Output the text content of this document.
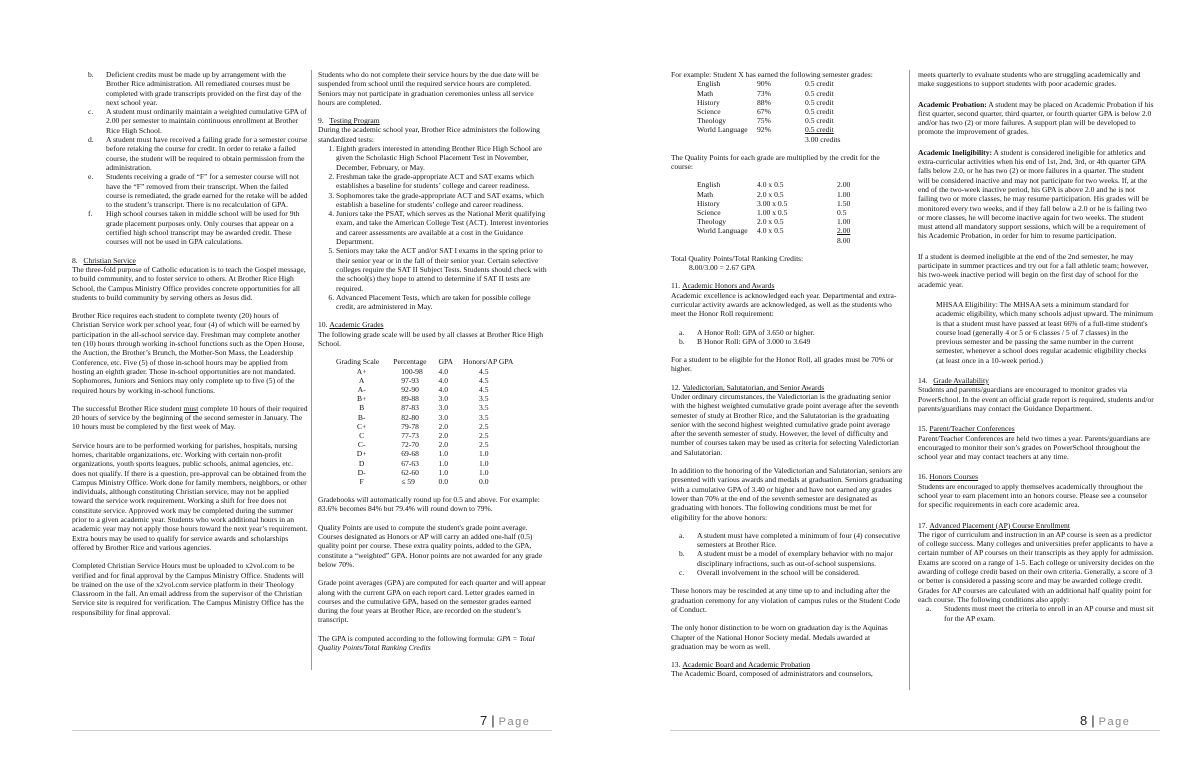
b.	Deficient credits must be made up by arrangement with the Brother Rice administration. All remediated courses must be completed with grade transcripts provided on the first day of the next school year.
c.	A student must ordinarily maintain a weighted cumulative GPA of 2.00 per semester to maintain continuous enrollment at Brother Rice High School.
d.	A student must have received a failing grade for a semester course before retaking the course for credit. In order to retake a failed course, the student will be required to obtain permission from the administration.
e.	Students receiving a grade of “F” for a semester course will not have the “F” removed from their transcript. When the failed course is remediated, the grade earned for the retake will be added to the student’s transcript. There is no recalculation of GPA.
f.	High school courses taken in middle school will be used for 9th grade placement purposes only. Only courses that appear on a certified high school transcript may be awarded credit. These courses will not be used in GPA calculations.

8. Christian Service

The three-fold purpose of Catholic education is to teach the Gospel message, to build community, and to foster service to others. At Brother Rice High School, the Campus Ministry Office provides concrete opportunities for all students to build community by serving others as Jesus did.

Brother Rice requires each student to complete twenty (20) hours of Christian Service work per school year, four (4) of which will be earned by participation in the all-school service day. Freshman may complete another ten (10) hours through working in-school functions such as the Open House, the Auction, the Brother’s Brunch, the Mother-Son Mass, the Leadership Conference, etc. Five (5) of those in-school hours may be applied from hosting an eighth grader. Those in-school opportunities are not mandated. Sophomores, Juniors and Seniors may only complete up to five (5) of the required hours by working in-school functions.

The successful Brother Rice student must complete 10 hours of their required 20 hours of service by the beginning of the second semester in January. The 10 hours must be completed by the first week of May.

Service hours are to be performed working for parishes, hospitals, nursing homes, charitable organizations, etc. Working with certain non-profit organizations, youth sports leagues, public schools, animal agencies, etc. does not qualify. If there is a question, pre-approval can be obtained from the Campus Ministry Office. Work done for family members, neighbors, or other individuals, although constituting Christian service, may not be applied toward the service work requirement. Working a shift for free does not constitute service. Approved work may be completed during the summer prior to a given academic year. Students who work additional hours in an academic year may not apply those hours toward the next year’s requirement. Extra hours may be used to qualify for service awards and scholarships offered by Brother Rice and various agencies.

Completed Christian Service Hours must be uploaded to x2vol.com to be verified and for final approval by the Campus Ministry Office. Students will be trained on the use of the x2vol.com service platform in their Theology Classroom in the fall. An email address from the supervisor of the Christian Service site is required for verification. The Campus Ministry Office has the responsibility for final approval.

Students who do not complete their service hours by the due date will be suspended from school until the required service hours are completed. Seniors may not participate in graduation ceremonies unless all service hours are completed.

9. Testing Program

During the academic school year, Brother Rice administers the following standardized tests:

1. Eighth graders interested in attending Brother Rice High School are given the Scholastic High School Placement Test in November, December, February, or May.
2. Freshman take the grade-appropriate ACT and SAT exams which establishes a baseline for students’ college and career readiness.
3. Sophomores take the grade-appropriate ACT and SAT exams, which establish a baseline for students’ college and career readiness.
4. Juniors take the PSAT, which serves as the National Merit qualifying exam, and take the American College Test (ACT). Interest inventories and career assessments are available at a cost in the Guidance Department.
5. Seniors may take the ACT and/or SAT I exams in the spring prior to their senior year or in the fall of their senior year. Certain selective colleges require the SAT II Subject Tests. Students should check with the school(s) they hope to attend to determine if SAT II tests are required.
6. Advanced Placement Tests, which are taken for possible college credit, are administered in May.

10. Academic Grades

The following grade scale will be used by all classes at Brother Rice High School.

Grading Scale	Percentage	GPA	Honors/AP GPA
A+	100-98	4.0	4.5
A	97-93	4.0	4.5
A-	92-90	4.0	4.5
B+	89-88	3.0	3.5
B	87-83	3.0	3.5
B-	82-80	3.0	3.5
C+	79-78	2.0	2.5
C	77-73	2.0	2.5
C-	72-70	2.0	2.5
D+	69-68	1.0	1.0
D	67-63	1.0	1.0
D-	62-60	1.0	1.0
F	≤ 59	0.0	0.0

Gradebooks will automatically round up for 0.5 and above. For example: 83.6% becomes 84% but 79.4% will round down to 79%.

Quality Points are used to compute the student's grade point average. Courses designated as Honors or AP will carry an added one-half (0.5) quality point per course. These extra quality points, added to the GPA, constitute a “weighted” GPA. Honor points are not awarded for any grade below 70%.

Grade point averages (GPA) are computed for each quarter and will appear along with the current GPA on each report card. Letter grades earned in courses and the cumulative GPA, based on the semester grades earned during the four years at Brother Rice, are recorded on the student’s transcript.

The GPA is computed according to the following formula: GPA = Total Quality Points/Total Ranking Credits

7 | Page

For example: Student X has earned the following semester grades:

English	90%	0.5 credit
Math	73%	0.5 credit
History	88%	0.5 credit
Science	67%	0.5 credit
Theology	75%	0.5 credit
World Language	92%	0.5 credit
		3.00 credits

The Quality Points for each grade are multiplied by the credit for the course:

English	4.0 x 0.5	2.00
Math	2.0 x 0.5	1.00
History	3.00 x 0.5	1.50
Science	1.00 x 0.5	0.5
Theology	2.0 x 0.5	1.00
World Language	4.0 x 0.5	2.00
		8.00

Total Quality Points/Total Ranking Credits:
8.00/3.00 = 2.67 GPA

11. Academic Honors and Awards

Academic excellence is acknowledged each year. Departmental and extra-curricular activity awards are acknowledged, as well as the students who meet the Honor Roll requirement:

a.	A Honor Roll: GPA of 3.650 or higher.
b.	B Honor Roll: GPA of 3.000 to 3.649

For a student to be eligible for the Honor Roll, all grades must be 70% or higher.

12. Valedictorian, Salutatorian, and Senior Awards

Under ordinary circumstances, the Valedictorian is the graduating senior with the highest weighted cumulative grade point average after the seventh semester of study at Brother Rice, and the Salutatorian is the graduating senior with the second highest weighted cumulative grade point average after the seventh semester of study. However, the level of difficulty and number of courses taken may be used as criteria for selecting Valedictorian and Salutatorian.

In addition to the honoring of the Valedictorian and Salutatorian, seniors are presented with various awards and medals at graduation. Seniors graduating with a cumulative GPA of 3.40 or higher and have not earned any grades lower than 70% at the end of the seventh semester are designated as graduating with honors. The following conditions must be met for eligibility for the above honors:

a.	A student must have completed a minimum of four (4) consecutive semesters at Brother Rice.
b.	A student must be a model of exemplary behavior with no major disciplinary infractions, such as out-of-school suspensions.
c.	Overall involvement in the school will be considered.

These honors may be rescinded at any time up to and including after the graduation ceremony for any violation of campus rules or the Student Code of Conduct.

The only honor distinction to be worn on graduation day is the Aquinas Chapter of the National Honor Society medal. Medals awarded at graduation may be worn as well.

13. Academic Board and Academic Probation

The Academic Board, composed of administrators and counselors,

meets quarterly to evaluate students who are struggling academically and make suggestions to support students with poor academic grades.

Academic Probation: A student may be placed on Academic Probation if his first quarter, second quarter, third quarter, or fourth quarter GPA is below 2.0 and/or has two (2) or more failures. A support plan will be developed to promote the improvement of grades.

Academic Ineligibility: A student is considered ineligible for athletics and extra-curricular activities when his end of 1st, 2nd, 3rd, or 4th quarter GPA falls below 2.0, or he has two (2) or more failures in a quarter. The student will be considered inactive and may not participate for two weeks. If, at the end of the two-week inactive period, his GPA is above 2.0 and he is not failing two or more classes, he may resume participation. His grades will be monitored every two weeks, and if they fall below a 2.0 or he is failing two or more classes, he will become inactive again for two weeks. The student must attend all mandatory support sessions, which will be a requirement of his Academic Probation, in order for him to resume participation.

If a student is deemed ineligible at the end of the 2nd semester, he may participate in summer practices and try out for a fall athletic team; however, his two-week inactive period will begin on the first day of school for the academic year.

MHSAA Eligibility: The MHSAA sets a minimum standard for academic eligibility, which many schools adjust upward. The minimum is that a student must have passed at least 66% of a full-time student's course load (generally 4 or 5 or 6 classes / 5 of 7 classes) in the previous semester and be passing the same number in the current semester, whenever a school does regular academic eligibility checks (at least once in a 10-week period.)

14. Grade Availability

Students and parents/guardians are encouraged to monitor grades via PowerSchool. In the event an official grade report is required, students and/or parents/guardians may contact the Guidance Department.

15. Parent/Teacher Conferences

Parent/Teacher Conferences are held two times a year. Parents/guardians are encouraged to monitor their son’s grades on PowerSchool throughout the school year and may contact teachers at any time.

16. Honors Courses

Students are encouraged to apply themselves academically throughout the school year to earn placement into an honors course. Please see a counselor for specific requirements in each core academic area.

17. Advanced Placement (AP) Course Enrollment

The rigor of curriculum and instruction in an AP course is seen as a predictor of college success. Many colleges and universities prefer applicants to have a certain number of AP courses on their transcripts as they apply for admission. Exams are scored on a range of 1-5. Each college or university decides on the awarding of college credit based on their own criteria. Generally, a score of 3 or better is considered a passing score and may be awarded college credit. Grades for AP courses are calculated with an additional half quality point for each course. The following conditions also apply:

a.	Students must meet the criteria to enroll in an AP course and must sit for the AP exam.
8 | Page
